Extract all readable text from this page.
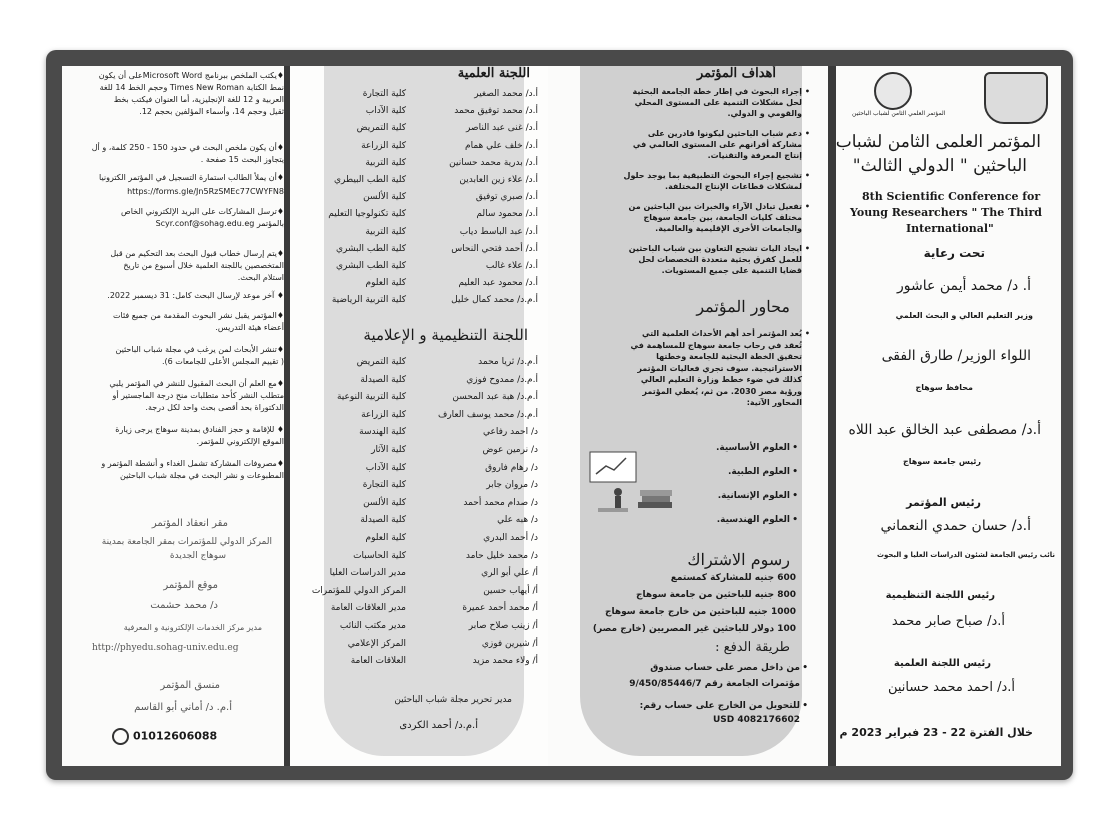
♦يكتب الملخص ببرنامج Microsoft Wordعلى أن يكون
نمط الكتابة Times New Roman وحجم الخط 14 للغة
العربية و 12 للغة الإنجليزية، أما العنوان فيكتب بخط
ثقيل وحجم 14، وأسماء المؤلفين بحجم 12.
♦أن يكون ملخص البحث في حدود 150 - 250 كلمة، و أل
يتجاوز البحث 15 صفحة .
♦أن يملأ الطالب استمارة التسجيل في المؤتمر الكترونيا
https://forms.gle/Jn5RzSMEc77CWYFN8
♦ترسل المشاركات على البريد الإلكتروني الخاص
بالمؤتمر Scyr.conf@sohag.edu.eg
♦يتم إرسال خطاب قبول البحث بعد التحكيم من قبل
المتخصصين باللجنة العلمية خلال أسبوع من تاريخ
استلام البحث.
♦ آخر موعد لإرسال البحث كامل: 31 ديسمبر 2022.
♦المؤتمر يقبل نشر البحوث المقدمة من جميع فئات
أعضاء هيئة التدريس.
♦تنشر الأبحاث لمن يرغب في مجلة شباب الباحثين
( تقييم المجلس الأعلى للجامعات 6).
♦مع العلم أن البحث المقبول للنشر في المؤتمر يلبي
متطلب النشر كأحد متطلبات منح درجة الماجستير أو
الدكتوراة بحد أقصى بحث واحد لكل درجة.
♦ للإقامة و حجز الفنادق بمدينة سوهاج يرجى زيارة
الموقع الإلكتروني للمؤتمر.
♦مصروفات المشاركة تشمل الغداء و أنشطة المؤتمر و
المطبوعات و نشر البحث في مجلة شباب الباحثين
مقر انعقاد المؤتمر
المركز الدولي للمؤتمرات بمقر الجامعة بمدينة
سوهاج الجديدة
موقع المؤتمر
د/ محمد حشمت
مدير مركز الخدمات الإلكترونية و المعرفية
http://phyedu.sohag-univ.edu.eg
منسق المؤتمر
أ.م. د/ أماني أبو القاسم
01012606088
اللجنة العلمية
أ.د/ محمد الصغير
كلية التجارة
أ.د/ محمد توفيق محمد
كلية الآداب
أ.د/ غنى عبد الناصر
كلية التمريض
أ.د/ خلف علي همام
كلية الزراعة
أ.د/ بدرية محمد حسانين
كلية التربية
أ.د/ علاء زين العابدين
كلية الطب البيطري
أ.د/ صبري توفيق
كلية الألسن
أ.د/ محمود سالم
كلية تكنولوجيا التعليم
أ.د/ عبد الباسط دياب
كلية التربية
أ.د/ أحمد فتحي النحاس
كلية الطب البشري
أ.د/ علاء غالب
كلية الطب البشري
أ.د/ محمود عبد العليم
كلية العلوم
أ.م.د/ محمد كمال خليل
كلية التربية الرياضية
اللجنة التنظيمية و الإعلامية
أ.م.د/ ثريا محمد
كلية التمريض
أ.م.د/ ممدوح فوزي
كلية الصيدلة
أ.م.د/ هبة عبد المحسن
كلية التربية النوعية
أ.م.د/ محمد يوسف العارف
كلية الزراعة
د/ احمد رفاعي
كلية الهندسة
د/ نرمين عوض
كلية الآثار
د/ رهام فاروق
كلية الآداب
د/ مروان جابر
كلية التجارة
د/ صدام محمد أحمد
كلية الألسن
د/ هبه علي
كلية الصيدلة
د/ أحمد البدري
كلية العلوم
د/ محمد خليل حامد
كلية الحاسبات
أ/ علي أبو الري
مدير الدراسات العليا
أ/ أيهاب حسين
المركز الدولي للمؤتمرات
أ/ محمد أحمد عميرة
مدير العلاقات العامة
أ/ زينب صلاح صابر
مدير مكتب النائب
أ/ شيرين فوزي
المركز الإعلامي
أ/ ولاء محمد مزيد
العلاقات العامة
مدير تحرير مجلة شباب الباحثين
أ.م.د/ أحمد الكردى
أهداف المؤتمر
• إجراء البحوث في إطار خطة الجامعة البحثية
لحل مشكلات التنمية على المستوى المحلي
والقومي و الدولي.
• دعم شباب الباحثين ليكونوا قادرين على
مشاركة أقرانهم على المستوى العالمي في
إنتاج المعرفة والتقنيات.
• تشجيع إجراء البحوث التطبيقية بما يوجد حلول
لمشكلات قطاعات الإنتاج المختلفة.
• تفعيل تبادل الآراء والخبرات بين الباحثين من
مختلف كليات الجامعة، بين جامعة سوهاج
والجامعات الأخرى الإقليمية والعالمية.
• ايجاد اليات تشجع التعاون بين شباب الباحثين
للعمل كفرق بحثية متعددة التخصصات لحل
قضايا التنمية على جميع المستويات.
محاور المؤتمر
• يُعد المؤتمر أحد أهم الأحداث العلمية التي
تُعقد في رحاب جامعة سوهاج للمساهمة في
تحقيق الخطة البحثية للجامعة وخطتها
الاستراتيجية. سوف تجري فعاليات المؤتمر
كذلك في ضوء خطط وزارة التعليم العالي
ورؤية مصر 2030. من ثم، يُغطي المؤتمر
المحاور الآتية:
• العلوم الأساسية.
• العلوم الطبية.
• العلوم الإنسانية.
• العلوم الهندسية.
رسوم الاشتراك
600 جنيه للمشاركة كمستمع
800 جنيه للباحثين من جامعة سوهاج
1000 جنيه للباحثين من خارج جامعة سوهاج
100 دولار للباحثين غير المصريين (خارج مصر)
طريقة الدفع :
• من داخل مصر على حساب صندوق
مؤتمرات الجامعة رقم 9/450/85446/7
• للتحويل من الخارج على حساب رقم:
USD 4082176602
المؤتمر العلمي الثامن لشباب الباحثين
المؤتمر العلمى الثامن لشباب
الباحثين " الدولي الثالث"
8th Scientific Conference for
Young Researchers " The Third
International"
تحت رعاية
أ. د/ محمد أيمن عاشور
وزير التعليم العالي و البحث العلمي
اللواء الوزير/ طارق الفقى
محافظ سوهاج
أ.د/ مصطفى عبد الخالق عبد اللاه
رئيس جامعة سوهاج
رئيس المؤتمر
أ.د/ حسان حمدي النعماني
نائب رئيس الجامعة لشئون الدراسات العليا و البحوث
رئيس اللجنة التنظيمية
أ.د/ صباح صابر محمد
رئيس اللجنة العلمية
أ.د/ احمد محمد حسانين
خلال الفترة 22 - 23 فبراير 2023 م
